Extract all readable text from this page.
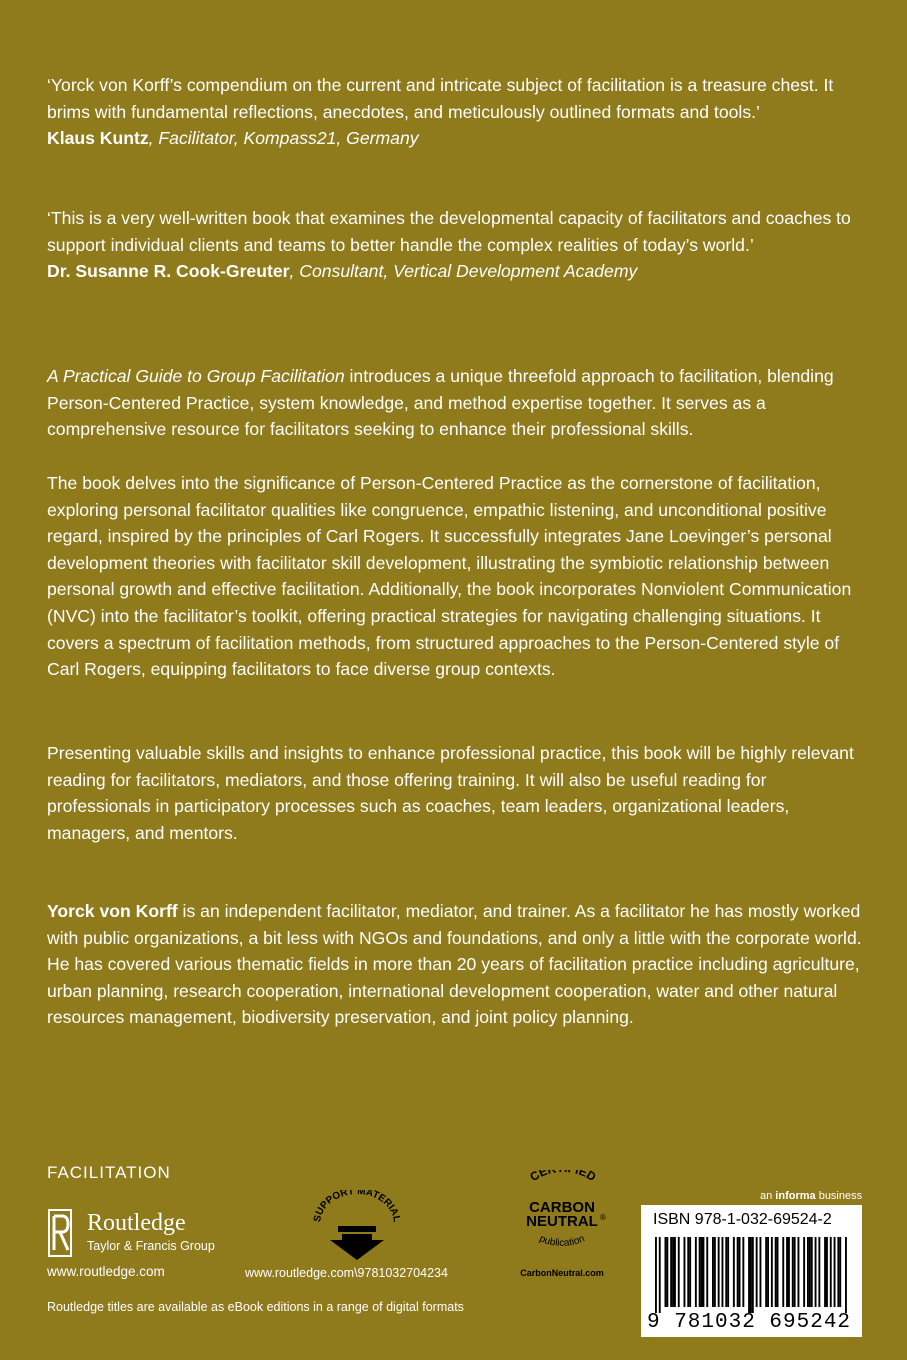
‘Yorck von Korff’s compendium on the current and intricate subject of facilitation is a treasure chest. It brims with fundamental reflections, anecdotes, and meticulously outlined formats and tools.’

Klaus Kuntz, Facilitator, Kompass21, Germany

‘This is a very well-written book that examines the developmental capacity of facilitators and coaches to support individual clients and teams to better handle the complex realities of today’s world.’

Dr. Susanne R. Cook-Greuter, Consultant, Vertical Development Academy

A Practical Guide to Group Facilitation introduces a unique threefold approach to facilitation, blending Person-Centered Practice, system knowledge, and method expertise together. It serves as a comprehensive resource for facilitators seeking to enhance their professional skills.

The book delves into the significance of Person-Centered Practice as the cornerstone of facilitation, exploring personal facilitator qualities like congruence, empathic listening, and unconditional positive regard, inspired by the principles of Carl Rogers. It successfully integrates Jane Loevinger’s personal development theories with facilitator skill development, illustrating the symbiotic relationship between personal growth and effective facilitation. Additionally, the book incorporates Nonviolent Communication (NVC) into the facilitator’s toolkit, offering practical strategies for navigating challenging situations. It covers a spectrum of facilitation methods, from structured approaches to the Person-Centered style of Carl Rogers, equipping facilitators to face diverse group contexts.

Presenting valuable skills and insights to enhance professional practice, this book will be highly relevant reading for facilitators, mediators, and those offering training. It will also be useful reading for professionals in participatory processes such as coaches, team leaders, organizational leaders, managers, and mentors.

Yorck von Korff is an independent facilitator, mediator, and trainer. As a facilitator he has mostly worked with public organizations, a bit less with NGOs and foundations, and only a little with the corporate world. He has covered various thematic fields in more than 20 years of facilitation practice including agriculture, urban planning, research cooperation, international development cooperation, water and other natural resources management, biodiversity preservation, and joint policy planning.

FACILITATION
Routledge
Taylor & Francis Group
www.routledge.com
SUPPORT MATERIAL
www.routledge.com\9781032704234
CE ED
CARBON
NEUTRAL ®
publication
CarbonNeutral.com
an informa business
ISBN 978-1-032-69524-2
9 781032 695242
Routledge titles are available as eBook editions in a range of digital formats
